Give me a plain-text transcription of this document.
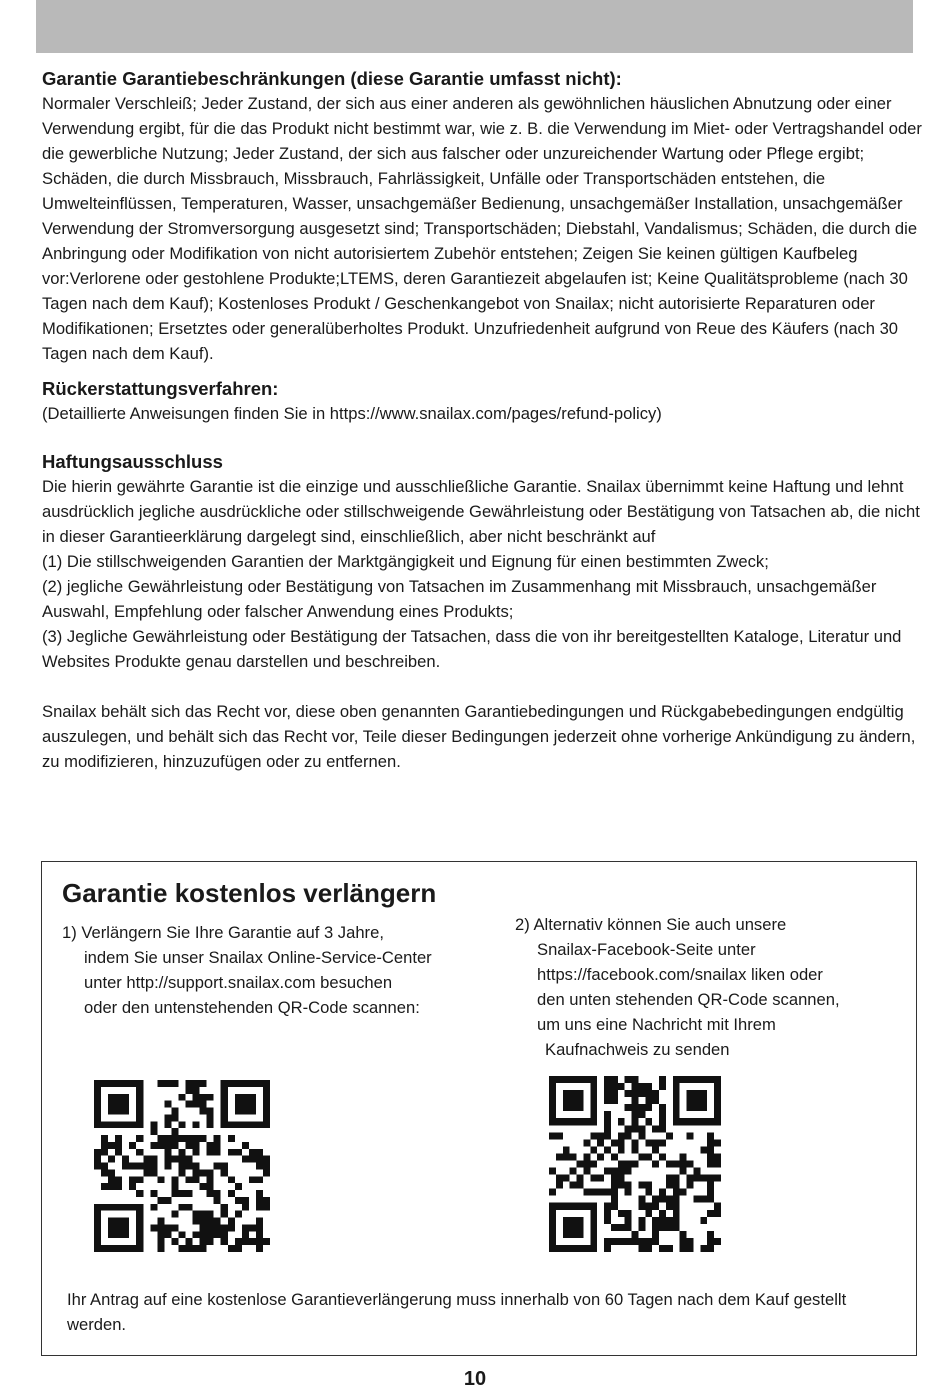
Garantie Garantiebeschränkungen (diese Garantie umfasst nicht):

Normaler Verschleiß; Jeder Zustand, der sich aus einer anderen als gewöhnlichen häuslichen Abnutzung oder einer Verwendung ergibt, für die das Produkt nicht bestimmt war, wie z. B. die Verwendung im Miet- oder Vertragshandel oder die gewerbliche Nutzung; Jeder Zustand, der sich aus falscher oder unzureichender Wartung oder Pflege ergibt; Schäden, die durch Missbrauch, Missbrauch, Fahrlässigkeit, Unfälle oder Transportschäden entstehen, die Umwelteinflüssen, Temperaturen, Wasser, unsachgemäßer Bedienung, unsachgemäßer Installation, unsachgemäßer Verwendung der Stromversorgung ausgesetzt sind; Transportschäden; Diebstahl, Vandalismus; Schäden, die durch die Anbringung oder Modifikation von nicht autorisiertem Zubehör entstehen; Zeigen Sie keinen gültigen Kaufbeleg vor:Verlorene oder gestohlene Produkte;LTEMS, deren Garantiezeit abgelaufen ist; Keine Qualitätsprobleme (nach 30 Tagen nach dem Kauf); Kostenloses Produkt / Geschenkangebot von Snailax; nicht autorisierte Reparaturen oder Modifikationen; Ersetztes oder generalüberholtes Produkt. Unzufriedenheit aufgrund von Reue des Käufers (nach 30 Tagen nach dem Kauf).

Rückerstattungsverfahren:

(Detaillierte Anweisungen finden Sie in https://www.snailax.com/pages/refund-policy)

Haftungsausschluss

Die hierin gewährte Garantie ist die einzige und ausschließliche Garantie. Snailax übernimmt keine Haftung und lehnt ausdrücklich jegliche ausdrückliche oder stillschweigende Gewährleistung oder Bestätigung von Tatsachen ab, die nicht in dieser Garantieerklärung dargelegt sind, einschließlich, aber nicht beschränkt auf

(1) Die stillschweigenden Garantien der Marktgängigkeit und Eignung für einen bestimmten Zweck;

(2) jegliche Gewährleistung oder Bestätigung von Tatsachen im Zusammenhang mit Missbrauch, unsachgemäßer Auswahl, Empfehlung oder falscher Anwendung eines Produkts;

(3) Jegliche Gewährleistung oder Bestätigung der Tatsachen, dass die von ihr bereitgestellten Kataloge, Literatur und Websites Produkte genau darstellen und beschreiben.

Snailax behält sich das Recht vor, diese oben genannten Garantiebedingungen und Rückgabebedingungen endgültig auszulegen, und behält sich das Recht vor, Teile dieser Bedingungen jederzeit ohne vorherige Ankündigung zu ändern, zu modifizieren, hinzuzufügen oder zu entfernen.

Garantie kostenlos verlängern
1) Verlängern Sie Ihre Garantie auf 3 Jahre,
indem Sie unser Snailax Online-Service-Center
unter http://support.snailax.com besuchen
oder den untenstehenden QR-Code scannen:
2) Alternativ können Sie auch unsere
Snailax-Facebook-Seite unter
https://facebook.com/snailax liken oder
den unten stehenden QR-Code scannen,
um uns eine Nachricht mit Ihrem
Kaufnachweis zu senden

Ihr Antrag auf eine kostenlose Garantieverlängerung muss innerhalb von 60 Tagen nach dem Kauf gestellt werden.

10
